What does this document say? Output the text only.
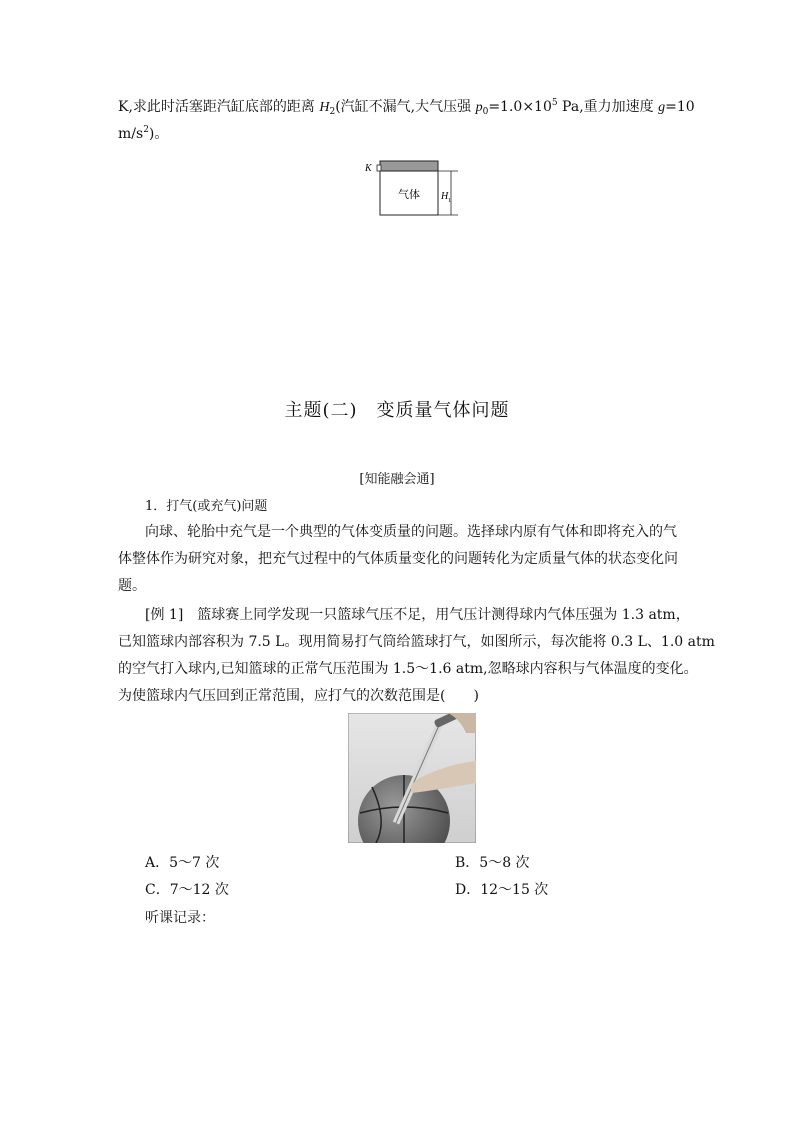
K,求此时活塞距汽缸底部的距离 $H_2$(汽缸不漏气,大气压强 $p_0=1.0\times 10^5$ Pa,重力加速度 g=10
$m/s^2$)。
K
气体 H 1
主题(二)　变质量气体问题
[知能融会通]
1．打气(或充气)问题
向球、轮胎中充气是一个典型的气体变质量的问题。选择球内原有气体和即将充入的气
体整体作为研究对象，把充气过程中的气体质量变化的问题转化为定质量气体的状态变化问
题。
[例 1]　篮球赛上同学发现一只篮球气压不足，用气压计测得球内气体压强为 1.3 atm，
已知篮球内部容积为 7.5 L。现用简易打气筒给篮球打气，如图所示，每次能将 0.3 L、1.0 atm
的空气打入球内,已知篮球的正常气压范围为 1.5～1.6 atm,忽略球内容积与气体温度的变化。
为使篮球内气压回到正常范围，应打气的次数范围是(　　)
A．5～7 次	B．5～8 次
C．7～12 次	D．12～15 次
听课记录：
